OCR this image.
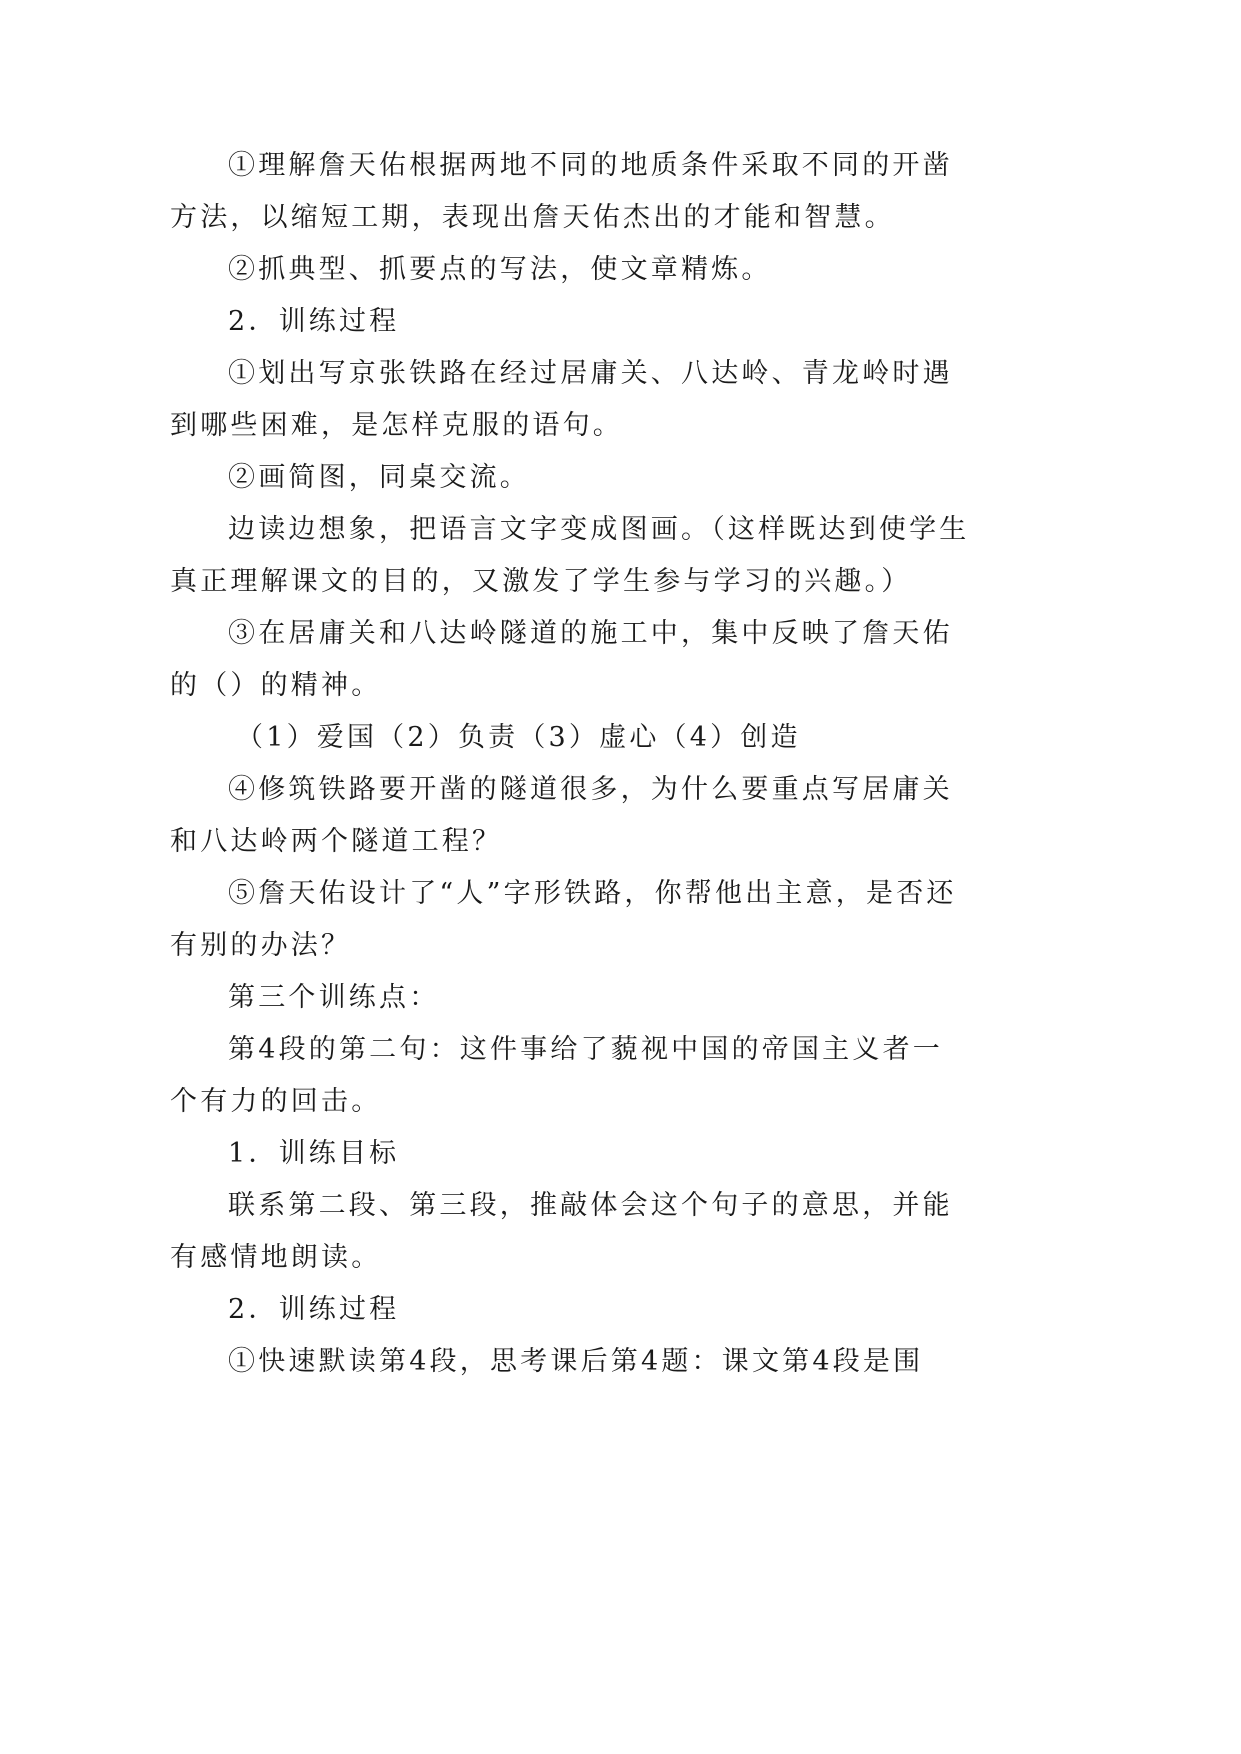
①理解詹天佑根据两地不同的地质条件采取不同的开凿方法，以缩短工期，表现出詹天佑杰出的才能和智慧。

②抓典型、抓要点的写法，使文章精炼。

2．训练过程

①划出写京张铁路在经过居庸关、八达岭、青龙岭时遇到哪些困难，是怎样克服的语句。

②画简图，同桌交流。

边读边想象，把语言文字变成图画。（这样既达到使学生真正理解课文的目的，又激发了学生参与学习的兴趣。）

③在居庸关和八达岭隧道的施工中，集中反映了詹天佑的（）的精神。

（1）爱国（2）负责（3）虚心（4）创造

④修筑铁路要开凿的隧道很多，为什么要重点写居庸关和八达岭两个隧道工程？

⑤詹天佑设计了“人”字形铁路，你帮他出主意，是否还有别的办法？

第三个训练点：

第4段的第二句：这件事给了藐视中国的帝国主义者一个有力的回击。

1．训练目标

联系第二段、第三段，推敲体会这个句子的意思，并能有感情地朗读。

2．训练过程

①快速默读第4段，思考课后第4题：课文第4段是围
